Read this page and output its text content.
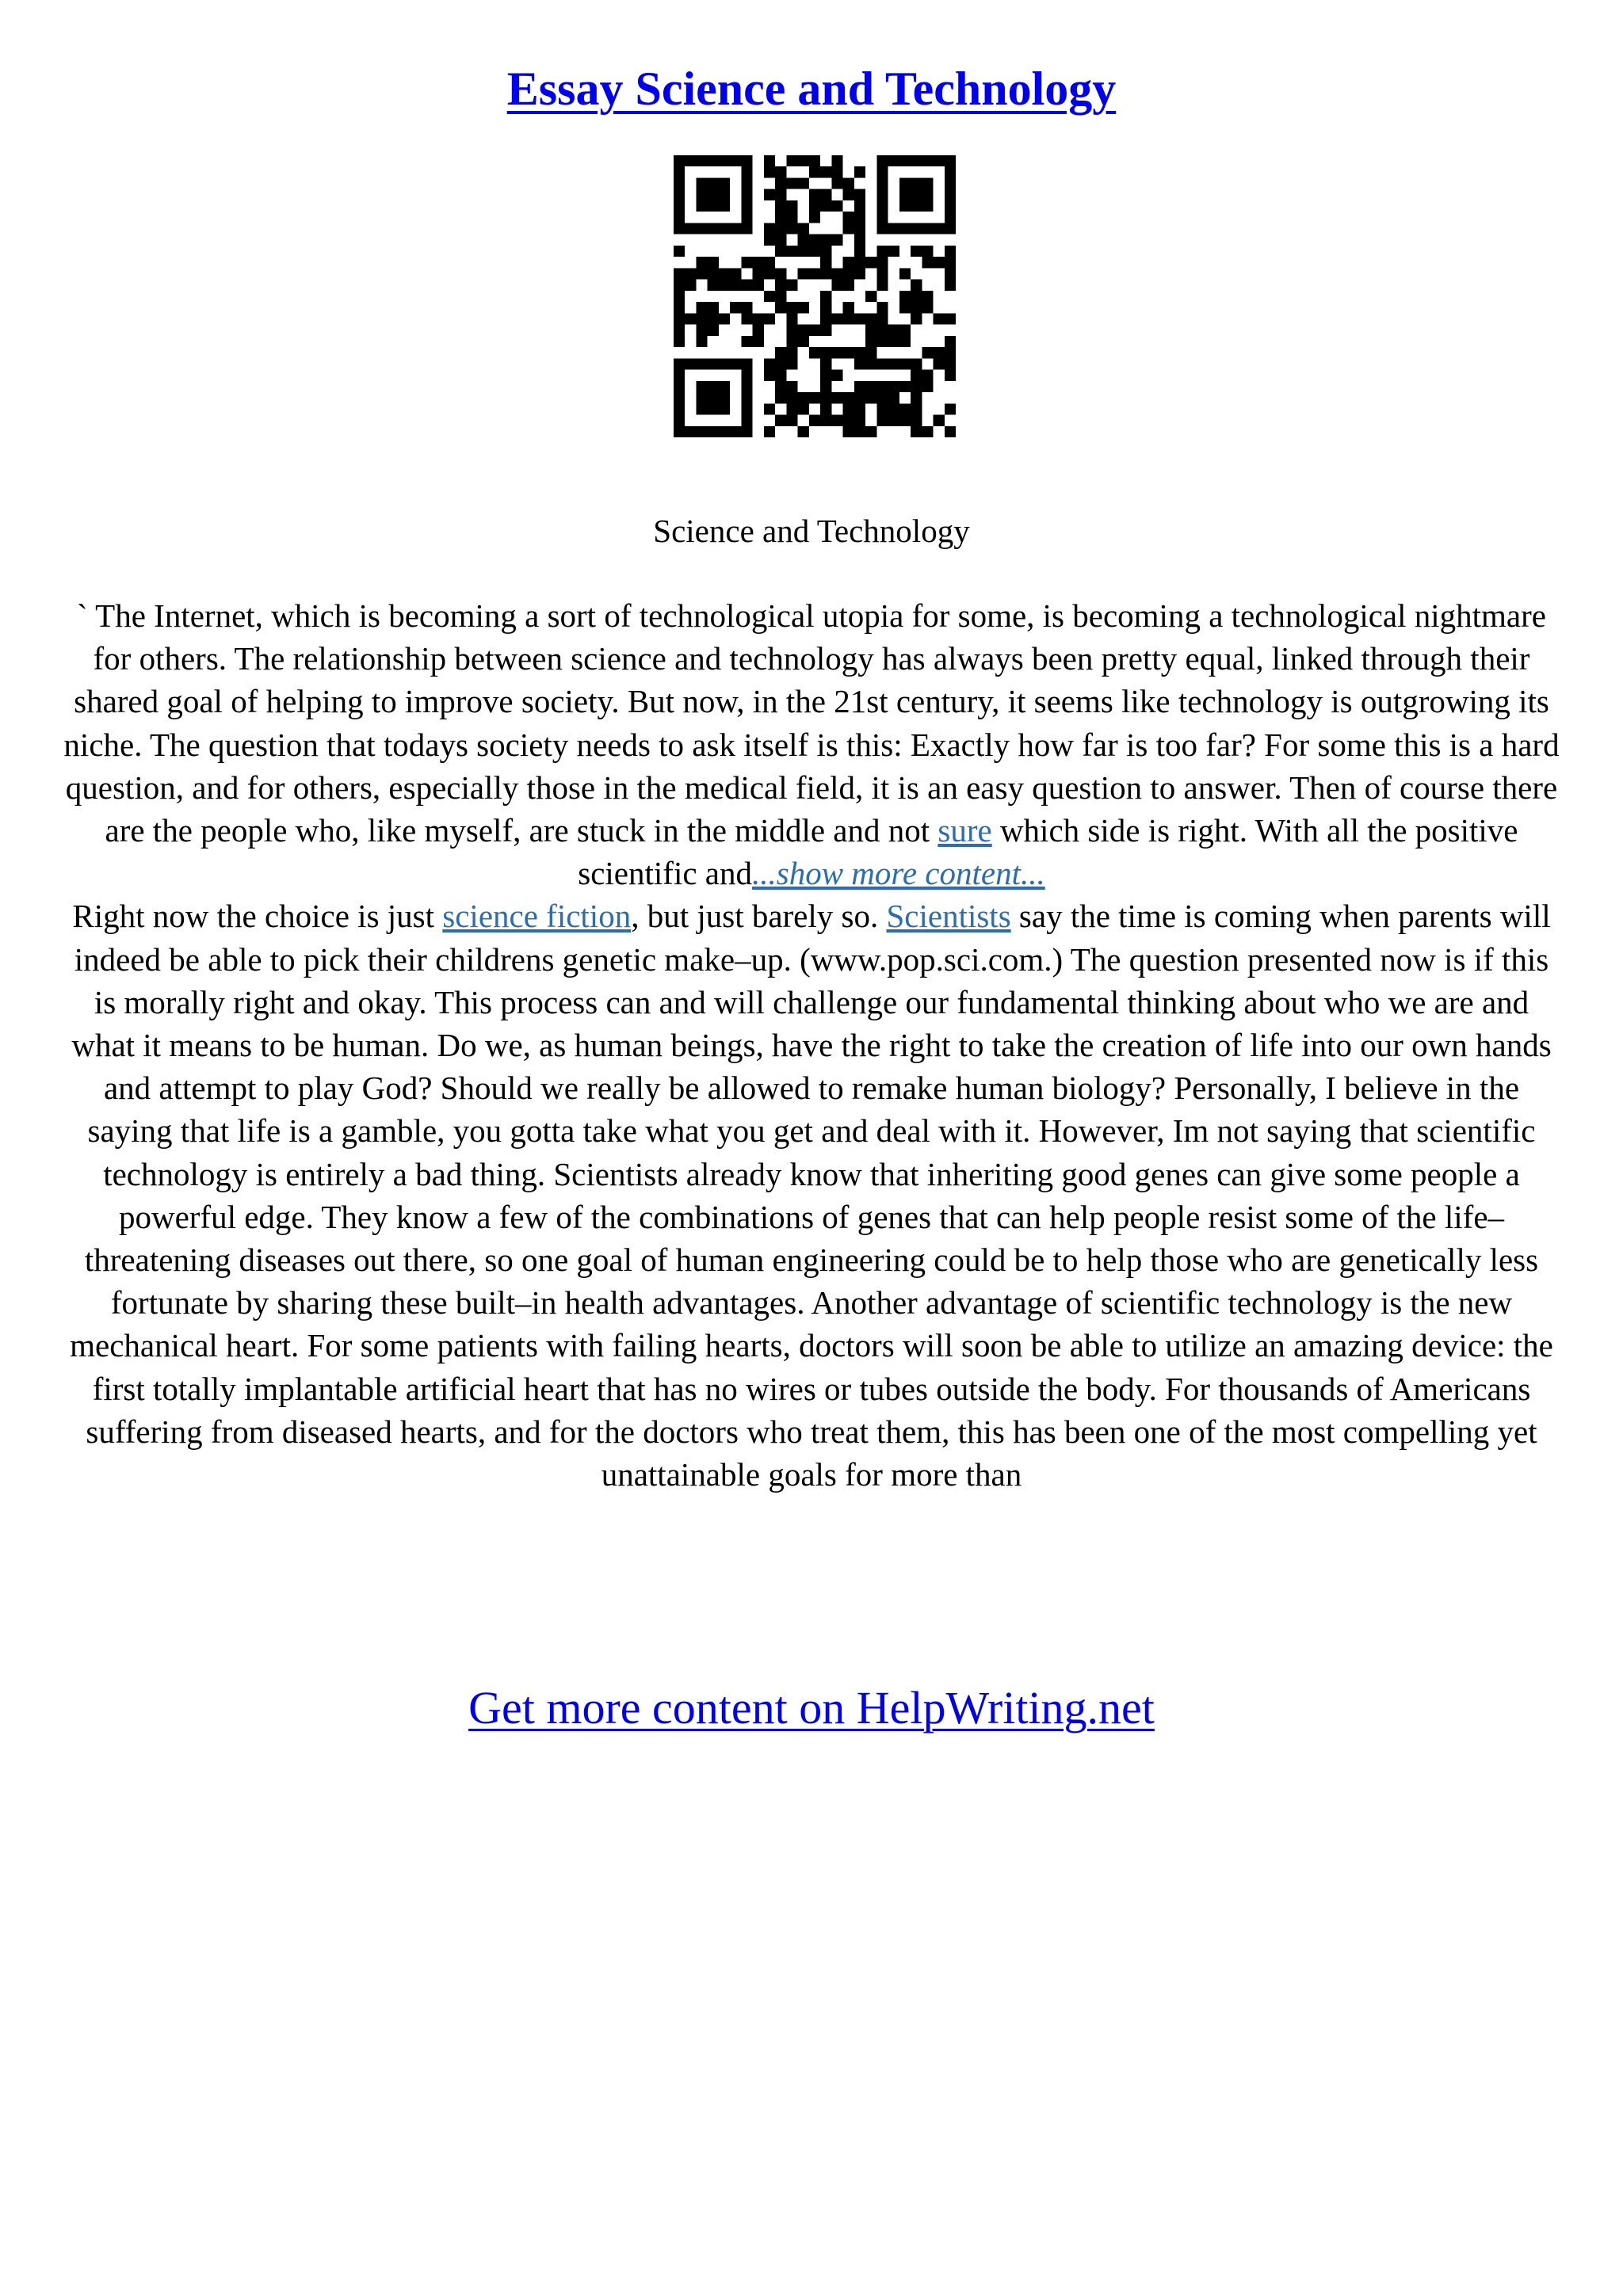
Essay Science and Technology
Science and Technology

` The Internet, which is becoming a sort of technological utopia for some, is becoming a technological nightmare for others. The relationship between science and technology has always been pretty equal, linked through their shared goal of helping to improve society. But now, in the 21st century, it seems like technology is outgrowing its niche. The question that todays society needs to ask itself is this: Exactly how far is too far? For some this is a hard question, and for others, especially those in the medical field, it is an easy question to answer. Then of course there are the people who, like myself, are stuck in the middle and not sure which side is right. With all the positive scientific and...show more content...

Right now the choice is just science fiction, but just barely so. Scientists say the time is coming when parents will indeed be able to pick their childrens genetic make–up. (www.pop.sci.com.) The question presented now is if this is morally right and okay. This process can and will challenge our fundamental thinking about who we are and what it means to be human. Do we, as human beings, have the right to take the creation of life into our own hands and attempt to play God? Should we really be allowed to remake human biology? Personally, I believe in the saying that life is a gamble, you gotta take what you get and deal with it. However, Im not saying that scientific technology is entirely a bad thing. Scientists already know that inheriting good genes can give some people a powerful edge. They know a few of the combinations of genes that can help people resist some of the life–threatening diseases out there, so one goal of human engineering could be to help those who are genetically less fortunate by sharing these built–in health advantages. Another advantage of scientific technology is the new mechanical heart. For some patients with failing hearts, doctors will soon be able to utilize an amazing device: the first totally implantable artificial heart that has no wires or tubes outside the body. For thousands of Americans suffering from diseased hearts, and for the doctors who treat them, this has been one of the most compelling yet unattainable goals for more than

Get more content on HelpWriting.net
